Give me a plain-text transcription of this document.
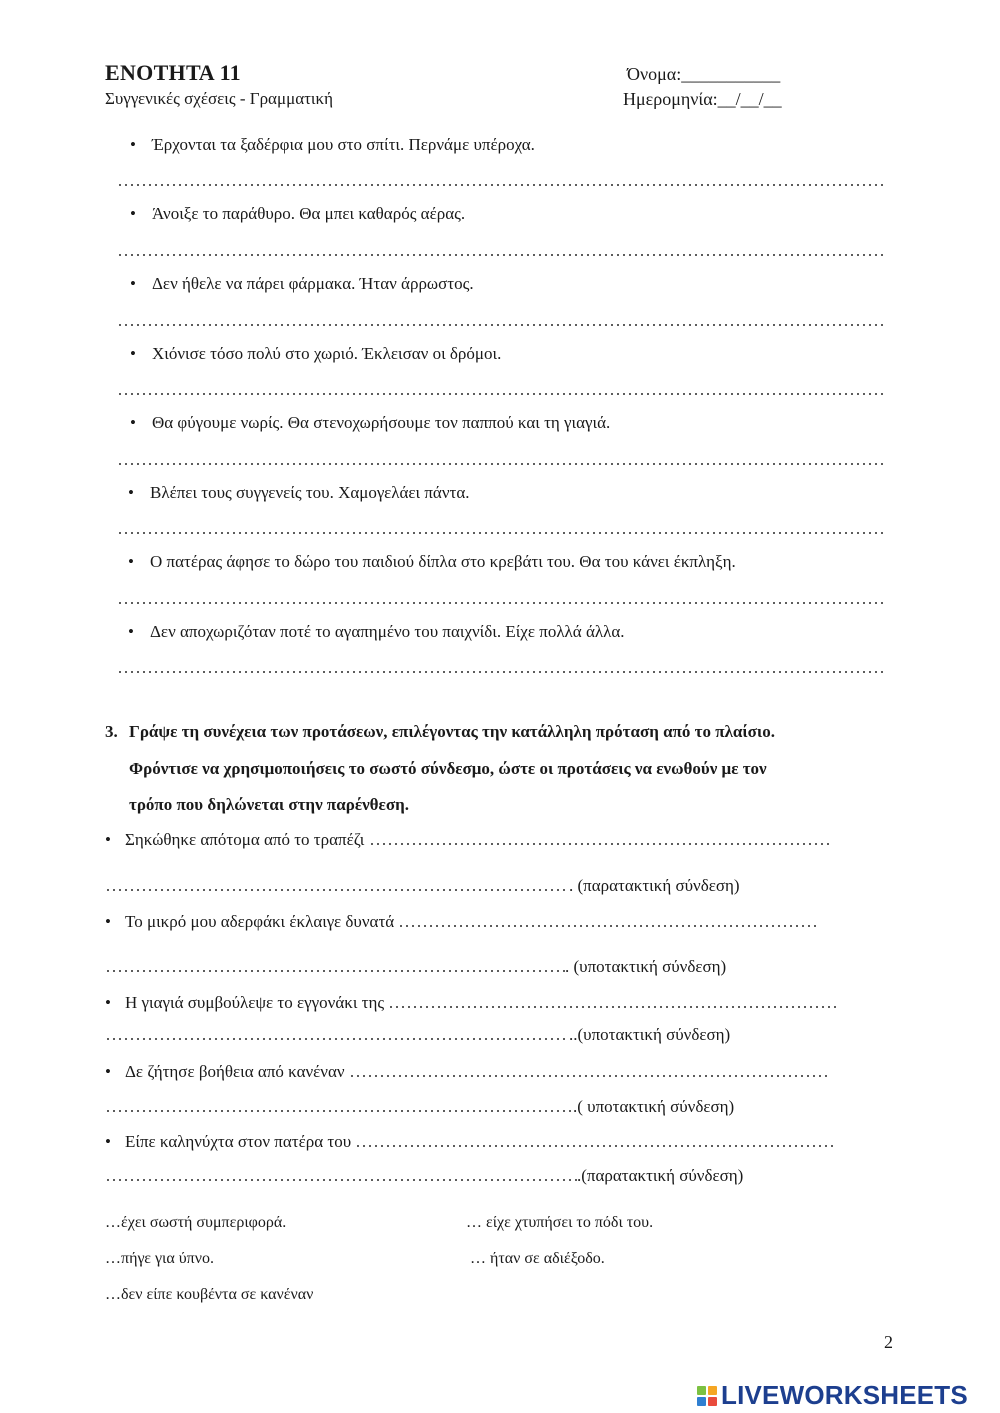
ΕΝΟΤΗΤΑ 11
Συγγενικές σχέσεις - Γραμματική
Όνομα:___________
Ημερομηνία:__/__/__
• Έρχονται τα ξαδέρφια μου στο σπίτι. Περνάμε υπέροχα.
• Άνοιξε το παράθυρο. Θα μπει καθαρός αέρας.
• Δεν ήθελε να πάρει φάρμακα. Ήταν άρρωστος.
• Χιόνισε τόσο πολύ στο χωριό. Έκλεισαν οι δρόμοι.
• Θα φύγουμε νωρίς. Θα στενοχωρήσουμε τον παππού και τη γιαγιά.
• Βλέπει τους συγγενείς του. Χαμογελάει πάντα.
• Ο πατέρας άφησε το δώρο του παιδιού δίπλα στο κρεβάτι του. Θα του κάνει έκπληξη.
• Δεν αποχωριζόταν ποτέ το αγαπημένο του παιχνίδι. Είχε πολλά άλλα.
3. Γράψε τη συνέχεια των προτάσεων, επιλέγοντας την κατάλληλη πρόταση από το πλαίσιο.
Φρόντισε να χρησιμοποιήσεις το σωστό σύνδεσμο, ώστε οι προτάσεις να ενωθούν με τον
τρόπο που δηλώνεται στην παρένθεση.
• Σηκώθηκε απότομα από το τραπέζι
. (παρατακτική σύνδεση)
• Το μικρό μου αδερφάκι έκλαιγε δυνατά
. (υποτακτική σύνδεση)
• Η γιαγιά συμβούλεψε το εγγονάκι της
..(υποτακτική σύνδεση)
• Δε ζήτησε βοήθεια από κανέναν
.( υποτακτική σύνδεση)
• Είπε καληνύχτα στον πατέρα του
.(παρατακτική σύνδεση)
…έχει σωστή συμπεριφορά.	… είχε χτυπήσει το πόδι του.
…πήγε για ύπνο.	… ήταν σε αδιέξοδο.
…δεν είπε κουβέντα σε κανέναν
2
LIVEWORKSHEETS
